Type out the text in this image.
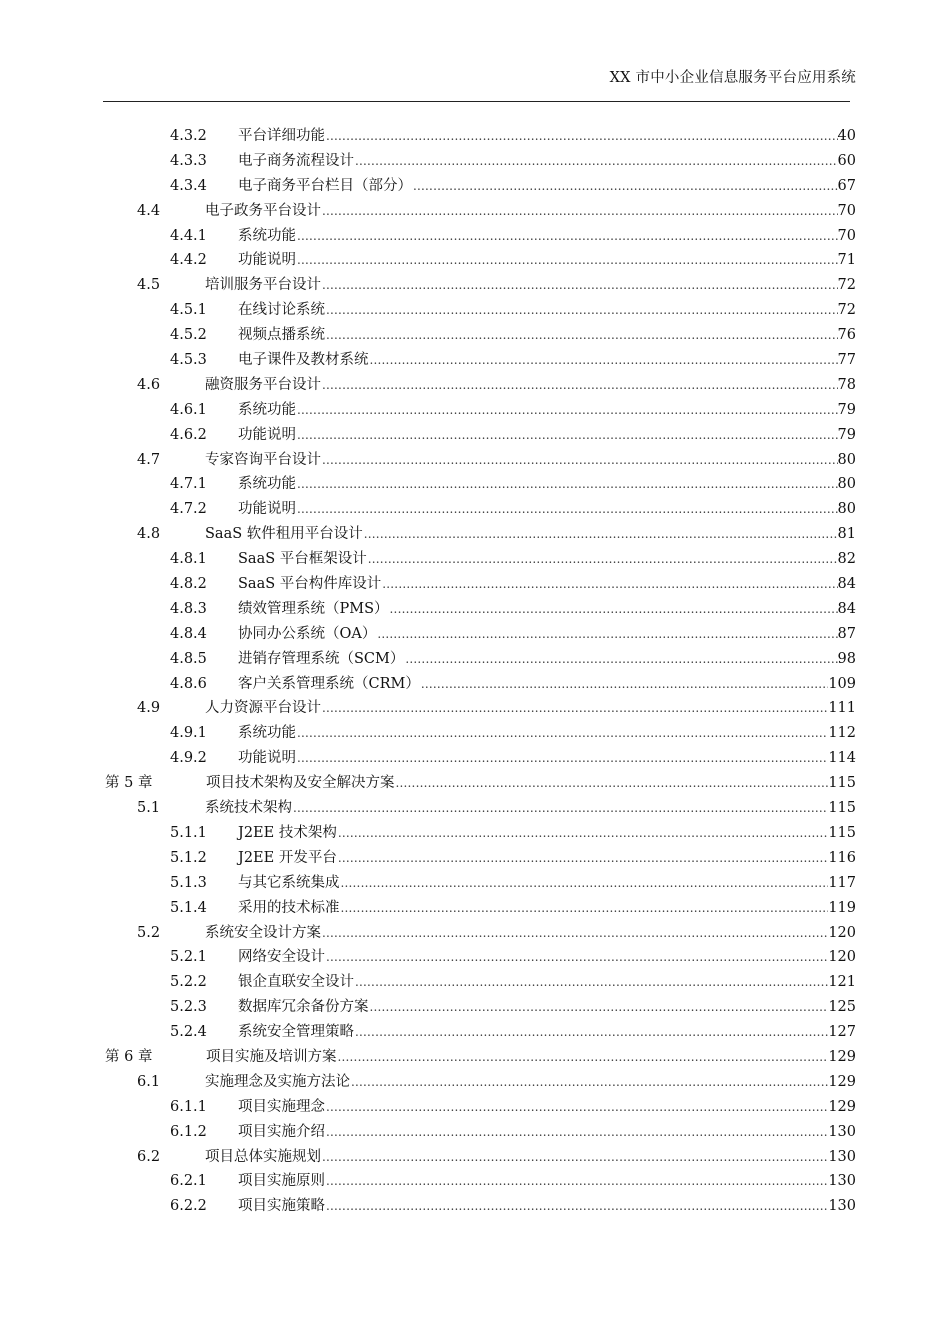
XX 市中小企业信息服务平台应用系统
4.3.2 平台详细功能 .....	40
4.3.3 电子商务流程设计 .....	60
4.3.4 电子商务平台栏目（部分） .....	67
4.4	电子政务平台设计 .....	70
4.4.1 系统功能 .....	70
4.4.2 功能说明 .....	71
4.5	培训服务平台设计 .....	72
4.5.1 在线讨论系统 .....	72
4.5.2 视频点播系统 .....	76
4.5.3 电子课件及教材系统 .....	77
4.6	融资服务平台设计 .....	78
4.6.1 系统功能 .....	79
4.6.2 功能说明 .....	79
4.7	专家咨询平台设计 .....	80
4.7.1 系统功能 .....	80
4.7.2 功能说明 .....	80
4.8	SaaS 软件租用平台设计 .....	81
4.8.1 SaaS 平台框架设计 .....	82
4.8.2 SaaS 平台构件库设计 .....	84
4.8.3 绩效管理系统（PMS） .....	84
4.8.4 协同办公系统（OA） .....	87
4.8.5 进销存管理系统（SCM） .....	98
4.8.6 客户关系管理系统（CRM） .....	109
4.9	人力资源平台设计 .....	111
4.9.1 系统功能 .....	112
4.9.2 功能说明 .....	114
第 5 章	项目技术架构及安全解决方案 .....	115
5.1	系统技术架构 .....	115
5.1.1 J2EE 技术架构 .....	115
5.1.2 J2EE 开发平台 .....	116
5.1.3 与其它系统集成 .....	117
5.1.4 采用的技术标准 .....	119
5.2	系统安全设计方案 .....	120
5.2.1 网络安全设计 .....	120
5.2.2 银企直联安全设计 .....	121
5.2.3 数据库冗余备份方案 .....	125
5.2.4 系统安全管理策略 .....	127
第 6 章	项目实施及培训方案 .....	129
6.1	实施理念及实施方法论 .....	129
6.1.1 项目实施理念 .....	129
6.1.2 项目实施介绍 .....	130
6.2	项目总体实施规划 .....	130
6.2.1 项目实施原则 .....	130
6.2.2 项目实施策略 .....	130
